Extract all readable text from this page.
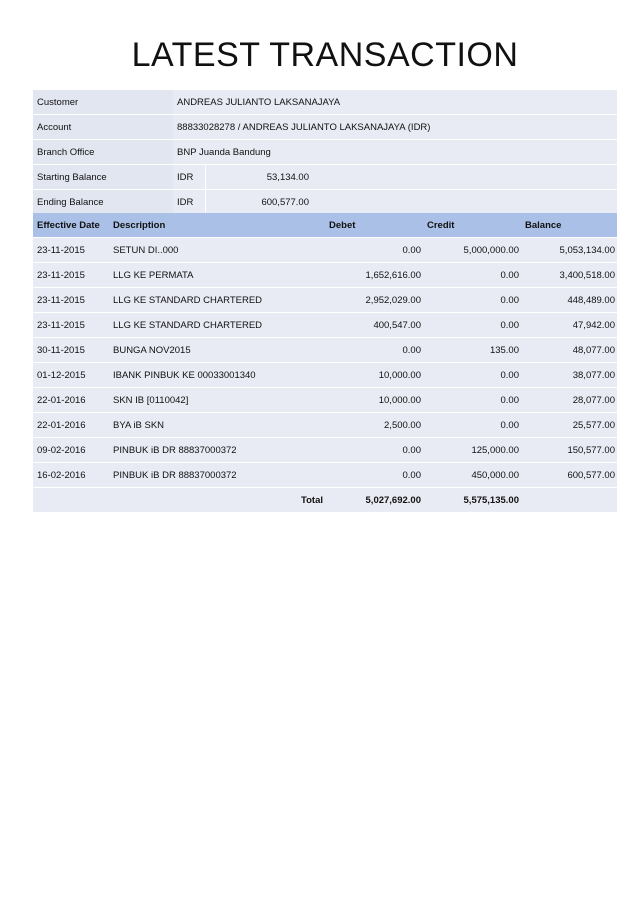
LATEST TRANSACTION
Customer	ANDREAS JULIANTO LAKSANAJAYA		
Account	88833028278 / ANDREAS JULIANTO LAKSANAJAYA (IDR)		
Branch Office	BNP Juanda Bandung		
Starting Balance	IDR	53,134.00	
Ending Balance	IDR	600,577.00	
Effective Date	Description	Debet	Credit	Balance
23-11-2015	SETUN DI..000	0.00	5,000,000.00	5,053,134.00
23-11-2015	LLG KE PERMATA	1,652,616.00	0.00	3,400,518.00
23-11-2015	LLG KE STANDARD CHARTERED	2,952,029.00	0.00	448,489.00
23-11-2015	LLG KE STANDARD CHARTERED	400,547.00	0.00	47,942.00
30-11-2015	BUNGA NOV2015	0.00	135.00	48,077.00
01-12-2015	IBANK PINBUK KE 00033001340	10,000.00	0.00	38,077.00
22-01-2016	SKN IB [0110042]	10,000.00	0.00	28,077.00
22-01-2016	BYA iB SKN	2,500.00	0.00	25,577.00
09-02-2016	PINBUK iB DR 88837000372	0.00	125,000.00	150,577.00
16-02-2016	PINBUK iB DR 88837000372	0.00	450,000.00	600,577.00
	Total	5,027,692.00	5,575,135.00	
